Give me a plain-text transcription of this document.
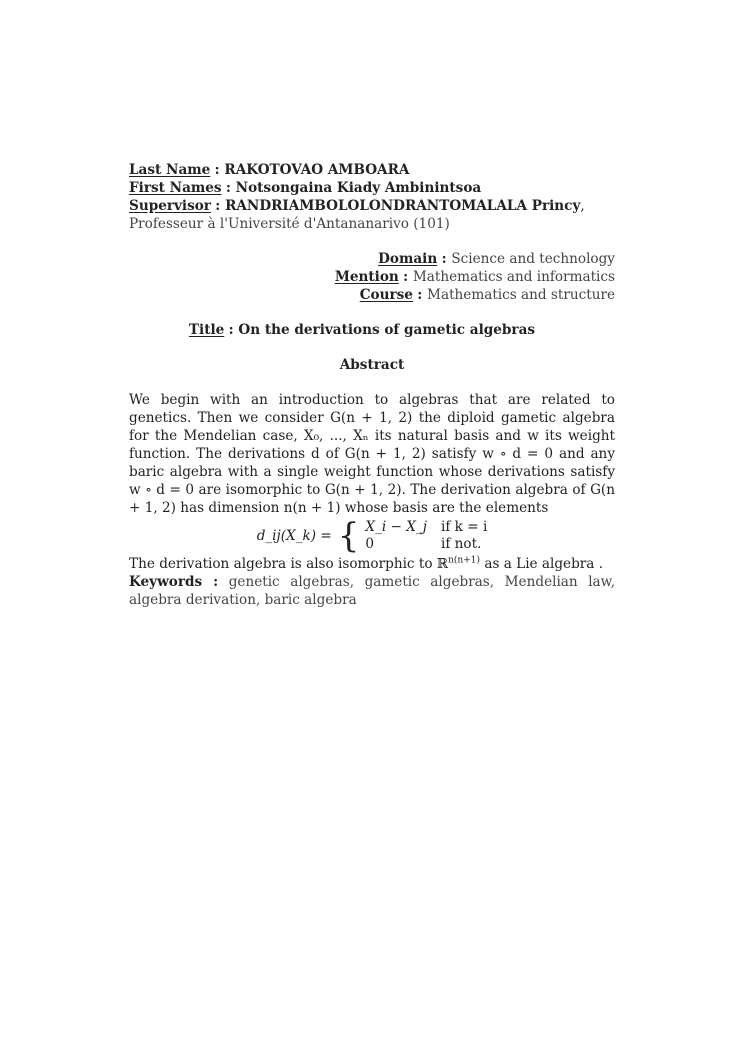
Last Name : RAKOTOVAO AMBOARA
First Names : Notsongaina Kiady Ambinintsoa
Supervisor : RANDRIAMBOLOLONDRANTOMALALA Princy,
Professeur à l'Université d'Antananarivo (101)
Domain : Science and technology
Mention : Mathematics and informatics
Course : Mathematics and structure
Title : On the derivations of gametic algebras
Abstract
We begin with an introduction to algebras that are related to genetics. Then we consider G(n + 1, 2) the diploid gametic algebra for the Mendelian case, X₀, ..., Xₙ its natural basis and w its weight function. The derivations d of G(n + 1, 2) satisfy w ∘ d = 0 and any baric algebra with a single weight function whose derivations satisfy w ∘ d = 0 are isomorphic to G(n + 1, 2). The derivation algebra of G(n + 1, 2) has dimension n(n + 1) whose basis are the elements
d_ij(X_k) = { X_i − X_j if k = i
0	if not.
The derivation algebra is also isomorphic to ℝ$^{n(n+1)}$ as a Lie algebra .
Keywords : genetic algebras, gametic algebras, Mendelian law, algebra derivation, baric algebra
